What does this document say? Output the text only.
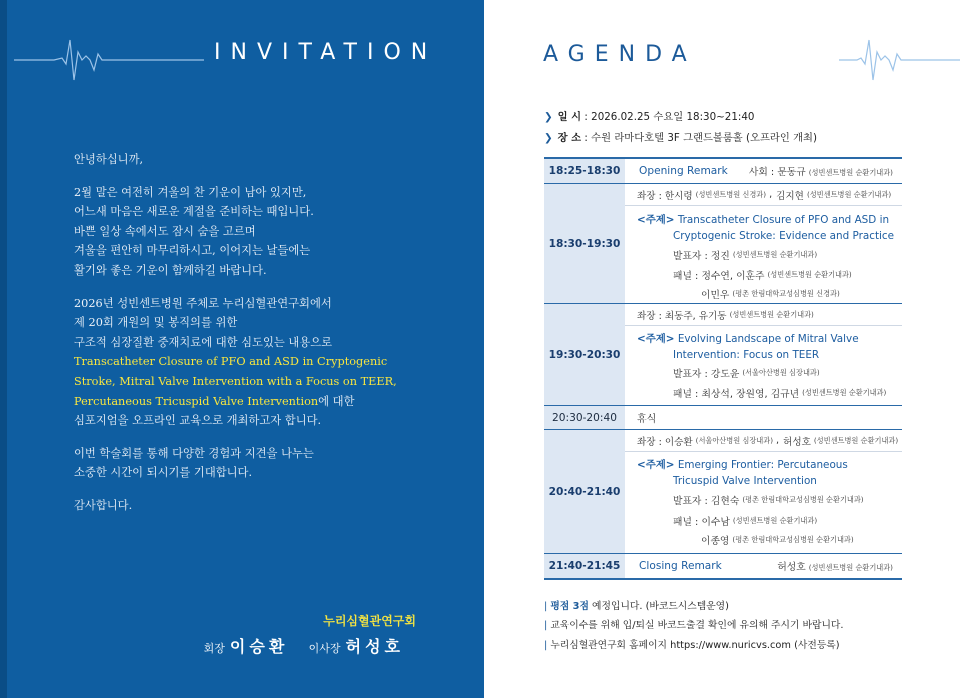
INVITATION
안녕하십니까,
2월 말은 여전히 겨울의 찬 기운이 남아 있지만,
어느새 마음은 새로운 계절을 준비하는 때입니다.
바쁜 일상 속에서도 잠시 숨을 고르며
겨울을 편안히 마무리하시고, 이어지는 날들에는
활기와 좋은 기운이 함께하길 바랍니다.
2026년 성빈센트병원 주체로 누리심혈관연구회에서
제 20회 개원의 및 봉직의를 위한
구조적 심장질환 중재치료에 대한 심도있는 내용으로
Transcatheter Closure of PFO and ASD in Cryptogenic
Stroke, Mitral Valve Intervention with a Focus on TEER,
Percutaneous Tricuspid Valve Intervention에 대한
심포지엄을 오프라인 교육으로 개최하고자 합니다.
이번 학술회를 통해 다양한 경험과 지견을 나누는
소중한 시간이 되시기를 기대합니다.
감사합니다.
누리심혈관연구회
회장 이승환 이사장 허성호
AGENDA
❯ 일 시 : 2026.02.25 수요일 18:30~21:40
❯ 장 소 : 수원 라마다호텔 3F 그랜드볼룸홀 (오프라인 개최)
18:25-18:30	Opening Remark 사회 : 문동규 (성빈센트병원 순환기내과)
18:30-19:30
좌장 : 한시령 (성빈센트병원 신경과) , 김지현 (성빈센트병원 순환기내과)
<주제>
Transcatheter Closure of PFO and ASD in
Cryptogenic Stroke: Evidence and Practice
발표자 : 정진 (성빈센트병원 순환기내과)
패널 : 정수연, 이훈주 (성빈센트병원 순환기내과)
이민우 (평촌 한림대학교성심병원 신경과)
19:30-20:30
좌장 : 최동주, 유기동 (성빈센트병원 순환기내과)
<주제>
Evolving Landscape of Mitral Valve
Intervention: Focus on TEER
발표자 : 강도윤 (서울아산병원 심장내과)
패널 : 최상석, 장원영, 김규년 (성빈센트병원 순환기내과)
20:30-20:40	휴식
20:40-21:40
좌장 : 이승환 (서울아산병원 심장내과) , 허성호 (성빈센트병원 순환기내과)
<주제>
Emerging Frontier: Percutaneous
Tricuspid Valve Intervention
발표자 : 김현숙 (평촌 한림대학교성심병원 순환기내과)
패널 : 이수남 (성빈센트병원 순환기내과)
이종영 (평촌 한림대학교성심병원 순환기내과)
21:40-21:45	Closing Remark	허성호 (성빈센트병원 순환기내과)
| 평점 3점 예정입니다. (바코드시스템운영)
| 교육이수를 위해 입/퇴실 바코드출결 확인에 유의해 주시기 바랍니다.
| 누리심혈관연구회 홈페이지 https://www.nuricvs.com (사전등록)
